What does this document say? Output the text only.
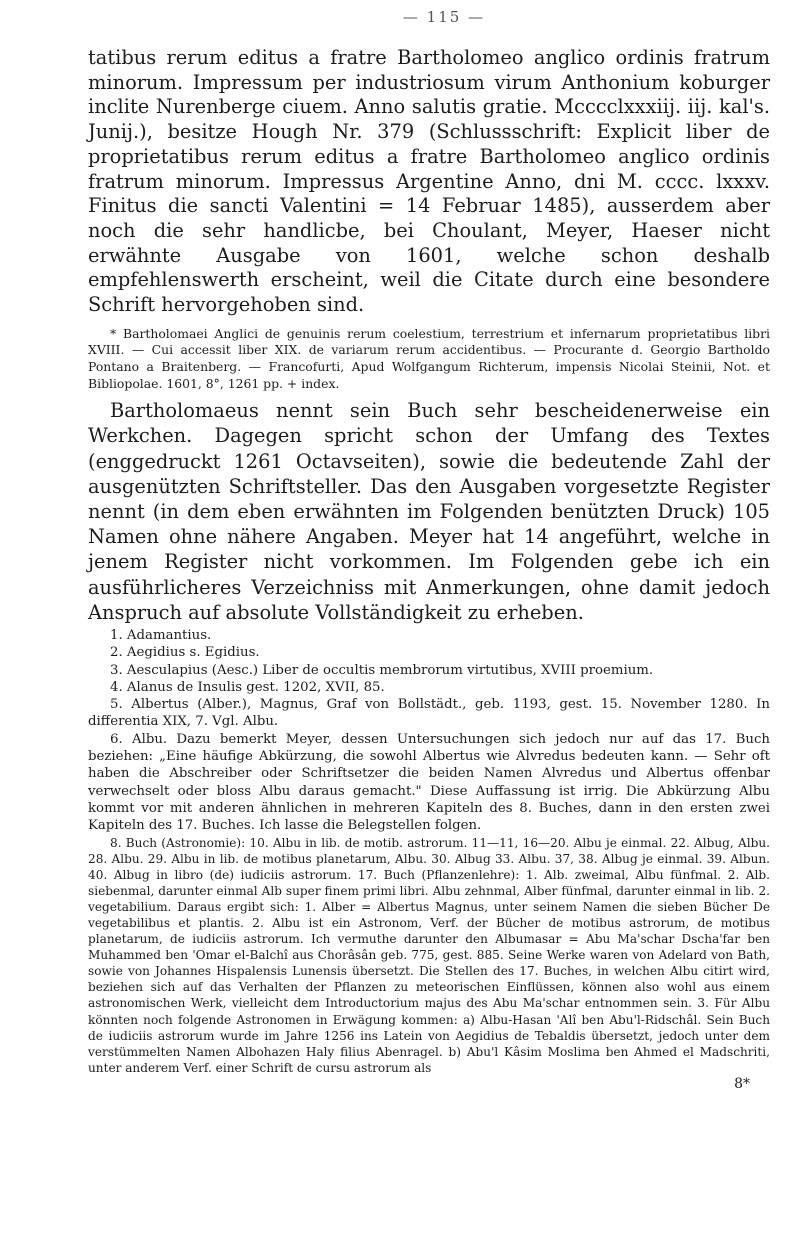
— 115 —
tatibus rerum editus a fratre Bartholomeo anglico ordinis fratrum minorum. Impressum per industriosum virum Anthonium koburger inclite Nurenberge ciuem. Anno salutis gratie. Mcccclxxxiij. iij. kal's. Junij.), besitze Hough Nr. 379 (Schlussschrift: Explicit liber de proprietatibus rerum editus a fratre Bartholomeo anglico ordinis fratrum minorum. Impressus Argentine Anno, dni M. cccc. lxxxv. Finitus die sancti Valentini = 14 Februar 1485), ausserdem aber noch die sehr handlicbe, bei Choulant, Meyer, Haeser nicht erwähnte Ausgabe von 1601, welche schon deshalb empfehlenswerth erscheint, weil die Citate durch eine besondere Schrift hervorgehoben sind.
* Bartholomaei Anglici de genuinis rerum coelestium, terrestrium et infernarum proprietatibus libri XVIII. — Cui accessit liber XIX. de variarum rerum accidentibus. — Procurante d. Georgio Bartholdo Pontano a Braitenberg. — Francofurti, Apud Wolfgangum Richterum, impensis Nicolai Steinii, Not. et Bibliopolae. 1601, 8°, 1261 pp. + index.
Bartholomaeus nennt sein Buch sehr bescheidenerweise ein Werkchen. Dagegen spricht schon der Umfang des Textes (enggedruckt 1261 Octavseiten), sowie die bedeutende Zahl der ausgenützten Schriftsteller. Das den Ausgaben vorgesetzte Register nennt (in dem eben erwähnten im Folgenden benützten Druck) 105 Namen ohne nähere Angaben. Meyer hat 14 angeführt, welche in jenem Register nicht vorkommen. Im Folgenden gebe ich ein ausführlicheres Verzeichniss mit Anmerkungen, ohne damit jedoch Anspruch auf absolute Vollständigkeit zu erheben.
1. Adamantius.
2. Aegidius s. Egidius.
3. Aesculapius (Aesc.) Liber de occultis membrorum virtutibus, XVIII proemium.
4. Alanus de Insulis gest. 1202, XVII, 85.
5. Albertus (Alber.), Magnus, Graf von Bollstädt., geb. 1193, gest. 15. November 1280. In differentia XIX, 7. Vgl. Albu.
6. Albu. Dazu bemerkt Meyer, dessen Untersuchungen sich jedoch nur auf das 17. Buch beziehen: „Eine häufige Abkürzung, die sowohl Albertus wie Alvredus bedeuten kann. — Sehr oft haben die Abschreiber oder Schriftsetzer die beiden Namen Alvredus und Albertus offenbar verwechselt oder bloss Albu daraus gemacht." Diese Auffassung ist irrig. Die Abkürzung Albu kommt vor mit anderen ähnlichen in mehreren Kapiteln des 8. Buches, dann in den ersten zwei Kapiteln des 17. Buches. Ich lasse die Belegstellen folgen.
8. Buch (Astronomie): 10. Albu in lib. de motib. astrorum. 11—11, 16—20. Albu je einmal. 22. Albug, Albu. 28. Albu. 29. Albu in lib. de motibus planetarum, Albu. 30. Albug 33. Albu. 37, 38. Albug je einmal. 39. Albun. 40. Albug in libro (de) iudiciis astrorum. 17. Buch (Pflanzenlehre): 1. Alb. zweimal, Albu fünfmal. 2. Alb. siebenmal, darunter einmal Alb super finem primi libri. Albu zehnmal, Alber fünfmal, darunter einmal in lib. 2. vegetabilium. Daraus ergibt sich: 1. Alber = Albertus Magnus, unter seinem Namen die sieben Bücher De vegetabilibus et plantis. 2. Albu ist ein Astronom, Verf. der Bücher de motibus astrorum, de motibus planetarum, de iudiciis astrorum. Ich vermuthe darunter den Albumasar = Abu Ma'schar Dscha'far ben Muhammed ben 'Omar el-Balchî aus Chorâsân geb. 775, gest. 885. Seine Werke waren von Adelard von Bath, sowie von Johannes Hispalensis Lunensis übersetzt. Die Stellen des 17. Buches, in welchen Albu citirt wird, beziehen sich auf das Verhalten der Pflanzen zu meteorischen Einflüssen, können also wohl aus einem astronomischen Werk, vielleicht dem Introductorium majus des Abu Ma'schar entnommen sein. 3. Für Albu könnten noch folgende Astronomen in Erwägung kommen: a) Albu-Hasan 'Alî ben Abu'l-Ridschâl. Sein Buch de iudiciis astrorum wurde im Jahre 1256 ins Latein von Aegidius de Tebaldis übersetzt, jedoch unter dem verstümmelten Namen Albohazen Haly filius Abenragel. b) Abu'l Kâsim Moslima ben Ahmed el Madschriti, unter anderem Verf. einer Schrift de cursu astrorum als
8*
